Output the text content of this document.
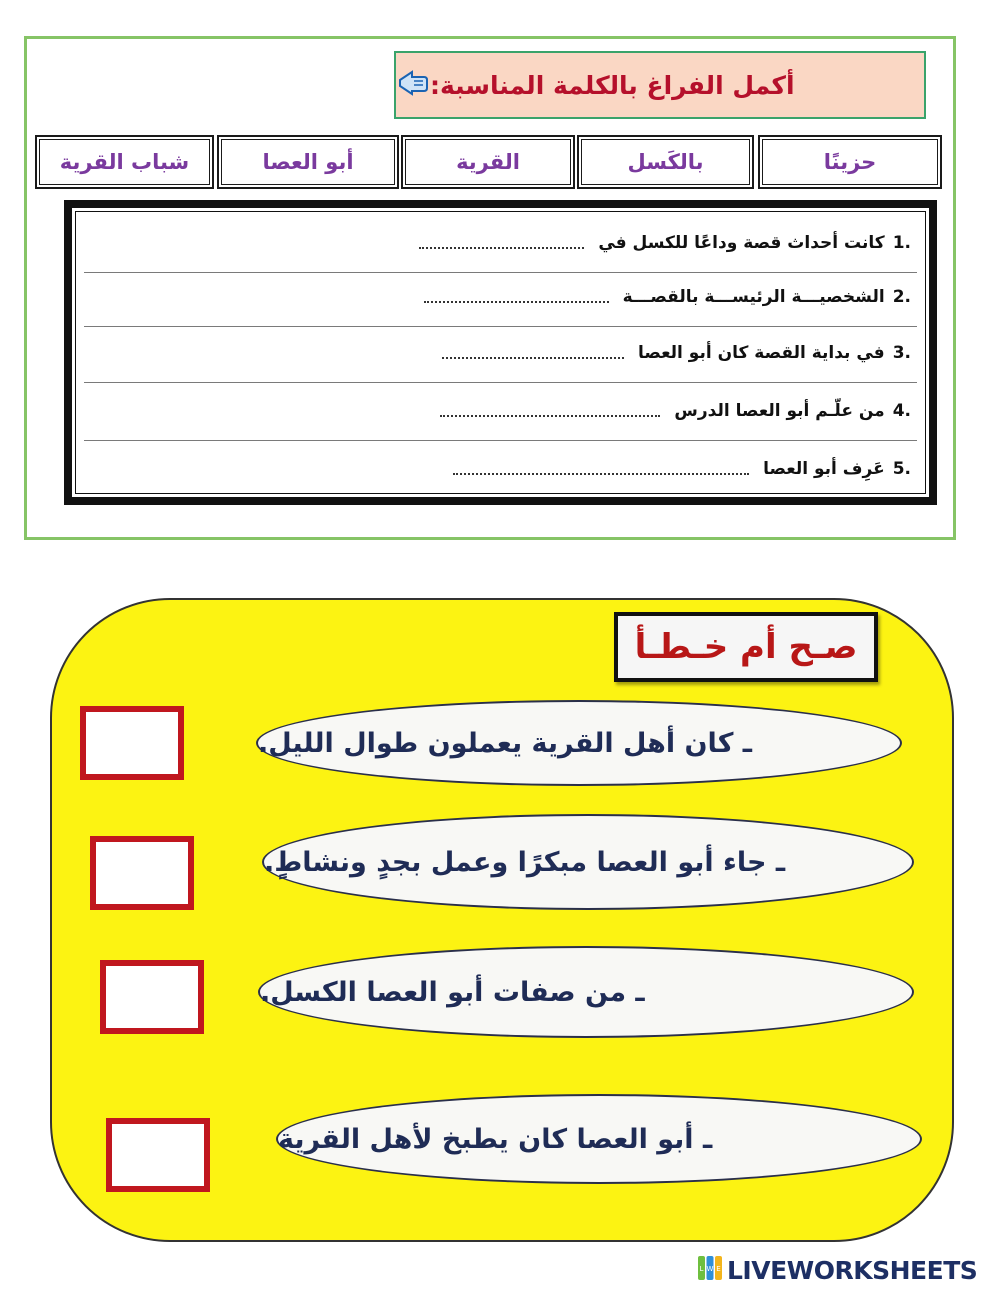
أكمل الفراغ بالكلمة المناسبة:
حزينًا
بالكَسل
القرية
أبو العصا
شباب القرية
.1
كانت أحداث قصة وداعًا للكسل في
.2
الشخصيـــة الرئيســـة بالقصـــة
.3
في بداية القصة كان أبو العصا
.4
من علّـم أبو العصا الدرس
.5
عَرِف أبو العصا
صـح أم خـطـأ
ـ كان أهل القرية يعملون طوال الليل.
ـ جاء أبو العصا مبكرًا وعمل بجدٍ ونشاطٍ.
ـ من صفات أبو العصا الكسل.
ـ أبو العصا كان يطبخ لأهل القرية
L W E LIVEWORKSHEETS
